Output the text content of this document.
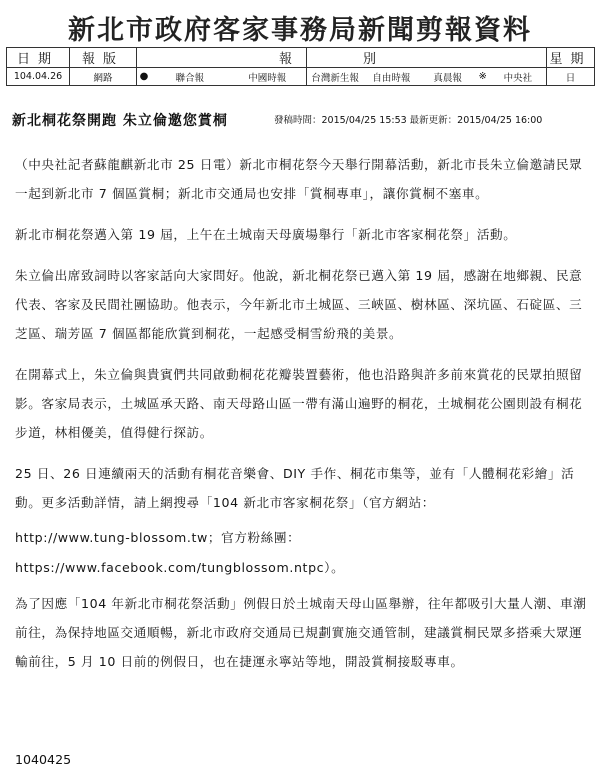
新北市政府客家事務局新聞剪報資料
日期	報版	報	別	星期
104.04.26	網路	● 聯合報 中國時報	台灣新生報 自由時報 真晨報 ※ 中央社	日
新北桐花祭開跑 朱立倫邀您賞桐	發稿時間：2015/04/25 15:53 最新更新：2015/04/25 16:00
（中央社記者蘇龍麒新北市 25 日電）新北市桐花祭今天舉行開幕活動，新北市長朱立倫邀請民眾一起到新北市 7 個區賞桐；新北市交通局也安排「賞桐專車」，讓你賞桐不塞車。
新北市桐花祭邁入第 19 屆，上午在土城南天母廣場舉行「新北市客家桐花祭」活動。
朱立倫出席致詞時以客家話向大家問好。他說，新北桐花祭已邁入第 19 屆，感謝在地鄉親、民意代表、客家及民間社團協助。他表示，今年新北市土城區、三峽區、樹林區、深坑區、石碇區、三芝區、瑞芳區 7 個區都能欣賞到桐花，一起感受桐雪紛飛的美景。
在開幕式上，朱立倫與貴賓們共同啟動桐花花瓣裝置藝術，他也沿路與許多前來賞花的民眾拍照留影。客家局表示，土城區承天路、南天母路山區一帶有滿山遍野的桐花，土城桐花公園則設有桐花步道，林相優美，值得健行探訪。
25 日、26 日連續兩天的活動有桐花音樂會、DIY 手作、桐花市集等，並有「人體桐花彩繪」活動。更多活動詳情，請上網搜尋「104 新北市客家桐花祭」（官方網站：
http://www.tung-blossom.tw；官方粉絲團：
https://www.facebook.com/tungblossom.ntpc）。
為了因應「104 年新北市桐花祭活動」例假日於土城南天母山區舉辦，往年都吸引大量人潮、車潮前往，為保持地區交通順暢，新北市政府交通局已規劃實施交通管制，建議賞桐民眾多搭乘大眾運輸前往，5 月 10 日前的例假日，也在捷運永寧站等地，開設賞桐接駁專車。
1040425
